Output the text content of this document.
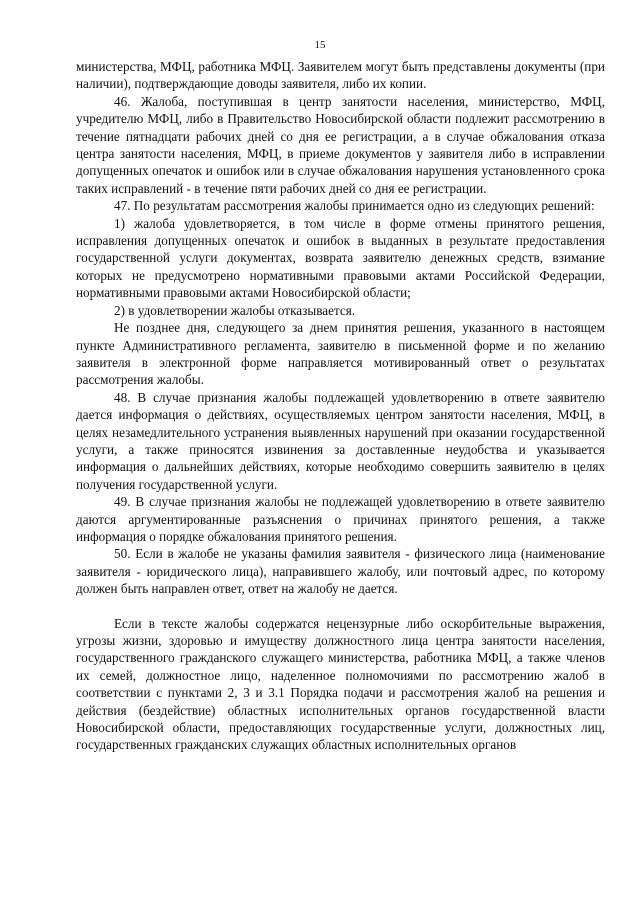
15

министерства, МФЦ, работника МФЦ. Заявителем могут быть представлены документы (при наличии), подтверждающие доводы заявителя, либо их копии.

46. Жалоба, поступившая в центр занятости населения, министерство, МФЦ, учредителю МФЦ, либо в Правительство Новосибирской области подлежит рассмотрению в течение пятнадцати рабочих дней со дня ее регистрации, а в случае обжалования отказа центра занятости населения, МФЦ, в приеме документов у заявителя либо в исправлении допущенных опечаток и ошибок или в случае обжалования нарушения установленного срока таких исправлений - в течение пяти рабочих дней со дня ее регистрации.

47. По результатам рассмотрения жалобы принимается одно из следующих решений:

1) жалоба удовлетворяется, в том числе в форме отмены принятого решения, исправления допущенных опечаток и ошибок в выданных в результате предоставления государственной услуги документах, возврата заявителю денежных средств, взимание которых не предусмотрено нормативными правовыми актами Российской Федерации, нормативными правовыми актами Новосибирской области;

2) в удовлетворении жалобы отказывается.

Не позднее дня, следующего за днем принятия решения, указанного в настоящем пункте Административного регламента, заявителю в письменной форме и по желанию заявителя в электронной форме направляется мотивированный ответ о результатах рассмотрения жалобы.

48. В случае признания жалобы подлежащей удовлетворению в ответе заявителю дается информация о действиях, осуществляемых центром занятости населения, МФЦ, в целях незамедлительного устранения выявленных нарушений при оказании государственной услуги, а также приносятся извинения за доставленные неудобства и указывается информация о дальнейших действиях, которые необходимо совершить заявителю в целях получения государственной услуги.

49. В случае признания жалобы не подлежащей удовлетворению в ответе заявителю даются аргументированные разъяснения о причинах принятого решения, а также информация о порядке обжалования принятого решения.

50. Если в жалобе не указаны фамилия заявителя - физического лица (наименование заявителя - юридического лица), направившего жалобу, или почтовый адрес, по которому должен быть направлен ответ, ответ на жалобу не дается.

Если в тексте жалобы содержатся нецензурные либо оскорбительные выражения, угрозы жизни, здоровью и имуществу должностного лица центра занятости населения, государственного гражданского служащего министерства, работника МФЦ, а также членов их семей, должностное лицо, наделенное полномочиями по рассмотрению жалоб в соответствии с пунктами 2, 3 и 3.1 Порядка подачи и рассмотрения жалоб на решения и действия (бездействие) областных исполнительных органов государственной власти Новосибирской области, предоставляющих государственные услуги, должностных лиц, государственных гражданских служащих областных исполнительных органов
